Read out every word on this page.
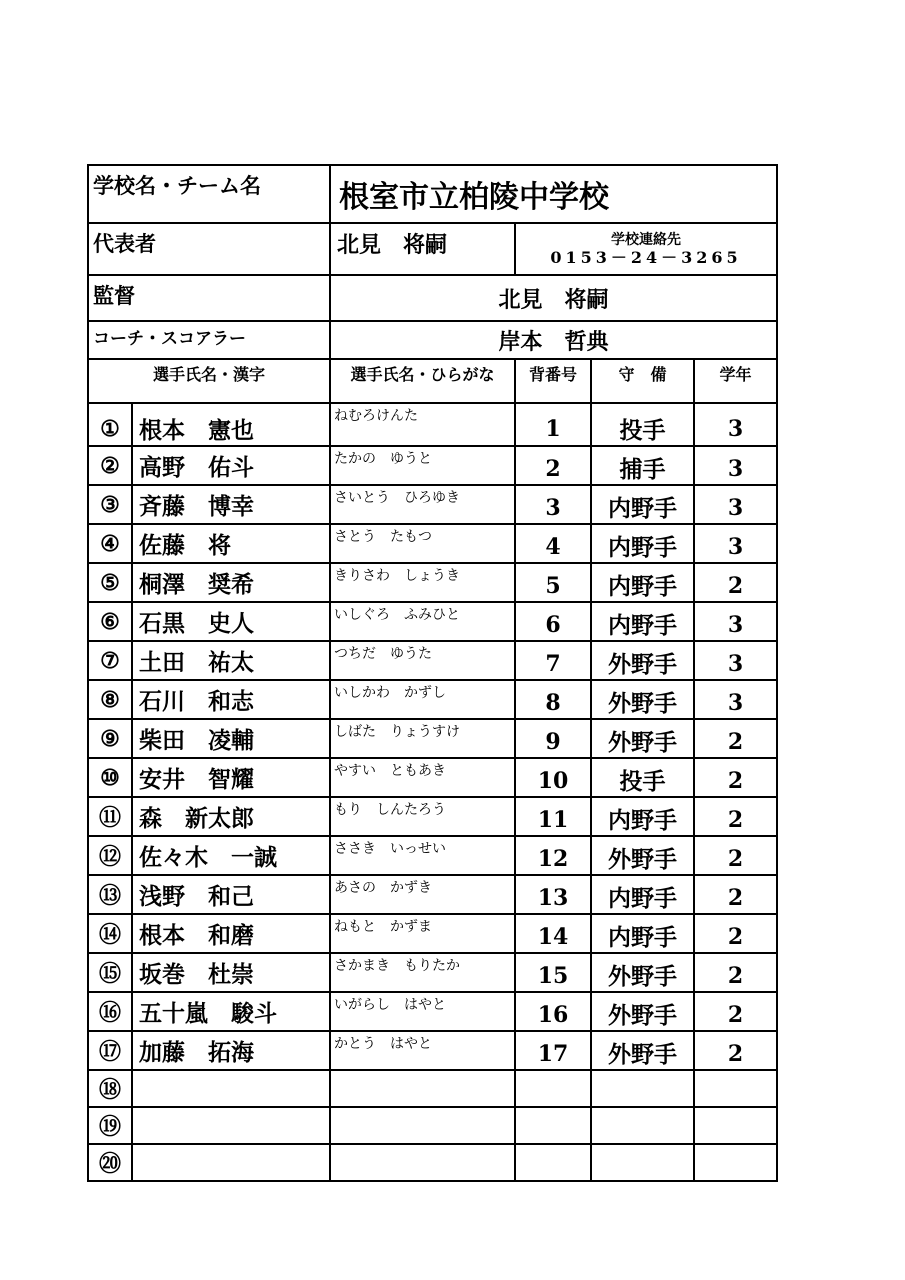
学校名・チーム名		根室市立柏陵中学校			
代表者		北見　将嗣	学校連絡先
0153－24－3265		

監督		北見　将嗣			
コーチ・スコアラー		岸本　哲典			
選手氏名・漢字		選手氏名・ひらがな	背番号	守　備	学年
①	根本　憲也	ねむろけんた	1	投手	3
②	高野　佑斗	たかの　ゆうと	2	捕手	3
③	斉藤　博幸	さいとう　ひろゆき	3	内野手	3
④	佐藤　将	さとう　たもつ	4	内野手	3
⑤	桐澤　奨希	きりさわ　しょうき	5	内野手	2
⑥	石黒　史人	いしぐろ　ふみひと	6	内野手	3
⑦	土田　祐太	つちだ　ゆうた	7	外野手	3
⑧	石川　和志	いしかわ　かずし	8	外野手	3
⑨	柴田　凌輔	しばた　りょうすけ	9	外野手	2
⑩	安井　智耀	やすい　ともあき	10	投手	2
⑪	森　新太郎	もり　しんたろう	11	内野手	2
⑫	佐々木　一誠	ささき　いっせい	12	外野手	2
⑬	浅野　和己	あさの　かずき	13	内野手	2
⑭	根本　和磨	ねもと　かずま	14	内野手	2
⑮	坂巻　杜崇	さかまき　もりたか	15	外野手	2
⑯	五十嵐　駿斗	いがらし　はやと	16	外野手	2
⑰	加藤　拓海	かとう　はやと	17	外野手	2
⑱					
⑲					
⑳					
